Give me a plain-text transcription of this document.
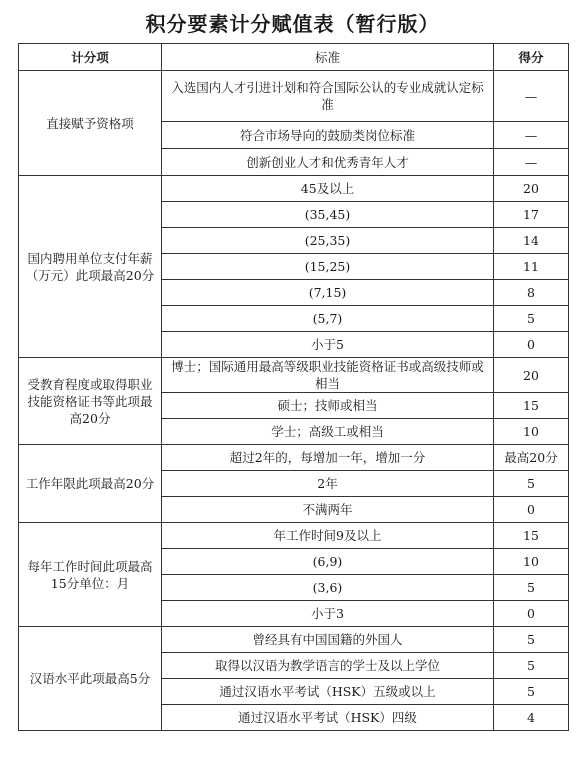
积分要素计分赋值表（暂行版）
计分项	标准	得分
直接赋予资格项	入选国内人才引进计划和符合国际公认的专业成就认定标准	—
	符合市场导向的鼓励类岗位标准	—
	创新创业人才和优秀青年人才	—
国内聘用单位支付年薪（万元）此项最高20分	45及以上	20
	(35,45)	17
	(25,35)	14
	(15,25)	11
	(7,15)	8
	(5,7)	5
	小于5	0
受教育程度或取得职业技能资格证书等此项最高20分	博士；国际通用最高等级职业技能资格证书或高级技师或相当	20
	硕士；技师或相当	15
	学士；高级工或相当	10
工作年限此项最高20分	超过2年的，每增加一年，增加一分	最高20分
	2年	5
	不满两年	0
每年工作时间此项最高15分单位：月	年工作时间9及以上	15
	(6,9)	10
	(3,6)	5
	小于3	0
汉语水平此项最高5分	曾经具有中国国籍的外国人	5
	取得以汉语为教学语言的学士及以上学位	5
	通过汉语水平考试（HSK）五级或以上	5
	通过汉语水平考试（HSK）四级	4
